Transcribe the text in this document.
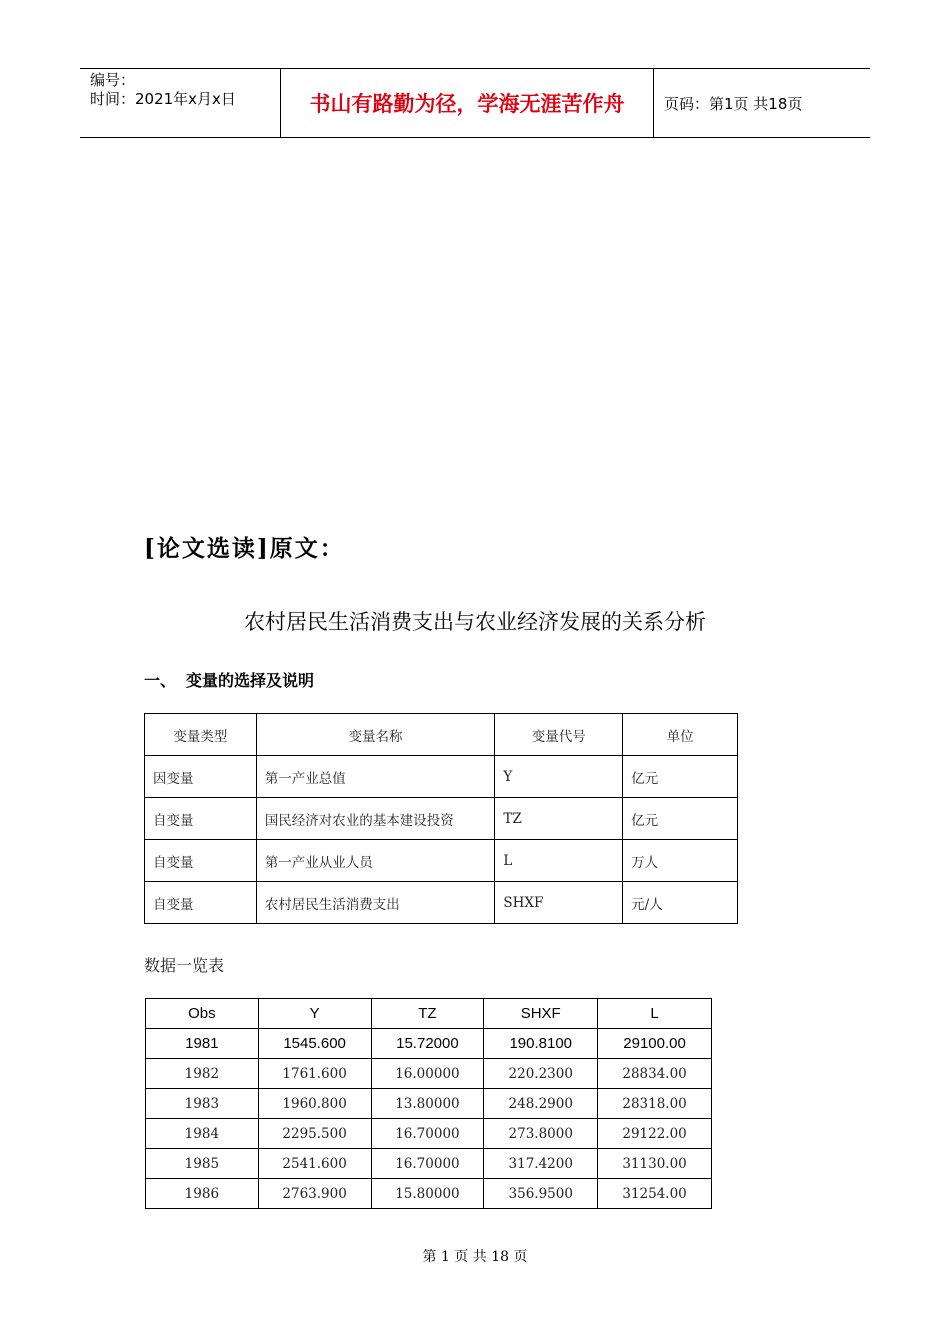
编号：
时间：2021年x月x日	书山有路勤为径，学海无涯苦作舟	页码：第1页 共18页
[论文选读]原文：
农村居民生活消费支出与农业经济发展的关系分析
一、 变量的选择及说明
变量类型	变量名称	变量代号	单位
因变量	第一产业总值	Y	亿元
自变量	国民经济对农业的基本建设投资	TZ	亿元
自变量	第一产业从业人员	L	万人
自变量	农村居民生活消费支出	SHXF	元/人
数据一览表
Obs	Y	TZ	SHXF	L
1981	1545.600	15.72000	190.8100	29100.00
1982	1761.600	16.00000	220.2300	28834.00
1983	1960.800	13.80000	248.2900	28318.00
1984	2295.500	16.70000	273.8000	29122.00
1985	2541.600	16.70000	317.4200	31130.00
1986	2763.900	15.80000	356.9500	31254.00
第 1 页 共 18 页
